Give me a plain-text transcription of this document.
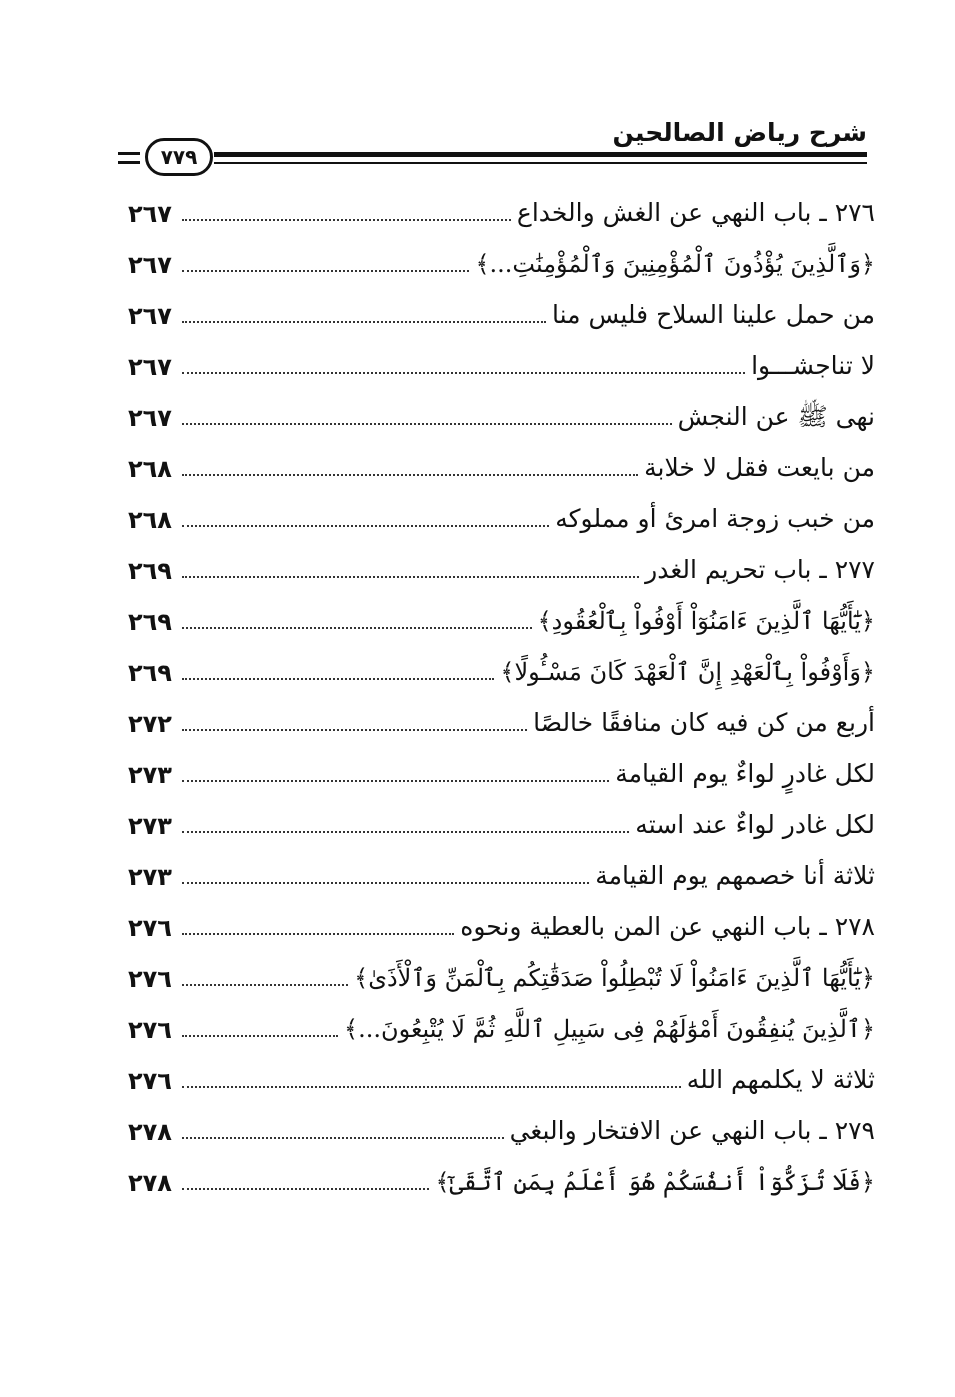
شرح رياض الصالحين
٧٧٩
٢٦٧	٢٧٦ ـ باب النهي عن الغش والخداع
٢٦٧	﴿وَٱلَّذِينَ يُؤْذُونَ ٱلْمُؤْمِنِينَ وَٱلْمُؤْمِنَٰتِ...﴾
٢٦٧	من حمل علينا السلاح فليس منا
٢٦٧	لا تناجشـــوا
٢٦٧	نهى ﷺ عن النجش
٢٦٨	من بايعت فقل لا خلابة
٢٦٨	من خبب زوجة امرئ أو مملوكه
٢٦٩	٢٧٧ ـ باب تحريم الغدر
٢٦٩	﴿يَٰٓأَيُّهَا ٱلَّذِينَ ءَامَنُوٓاْ أَوْفُواْ بِٱلْعُقُودِ﴾
٢٦٩	﴿وَأَوْفُواْ بِٱلْعَهْدِ إِنَّ ٱلْعَهْدَ كَانَ مَسْـُٔولًا﴾
٢٧٢	أربع من كن فيه كان منافقًا خالصًا
٢٧٣	لكل غادرٍ لواءٌ يوم القيامة
٢٧٣	لكل غادر لواءٌ عند استه
٢٧٣	ثلاثة أنا خصمهم يوم القيامة
٢٧٦	٢٧٨ ـ باب النهي عن المن بالعطية ونحوه
٢٧٦	﴿يَٰٓأَيُّهَا ٱلَّذِينَ ءَامَنُواْ لَا تُبْطِلُواْ صَدَقَٰتِكُم بِٱلْمَنِّ وَٱلْأَذَىٰ﴾
٢٧٦	﴿ٱلَّذِينَ يُنفِقُونَ أَمْوَٰلَهُمْ فِى سَبِيلِ ٱللَّهِ ثُمَّ لَا يُتْبِعُونَ...﴾
٢٧٦	ثلاثة لا يكلمهم الله
٢٧٨	٢٧٩ ـ باب النهي عن الافتخار والبغي
٢٧٨	﴿فَلَا تُزَكُّوٓاْ أَنفُسَكُمْ هُوَ أَعْلَمُ بِمَنِ ٱتَّقَىٰٓ﴾
